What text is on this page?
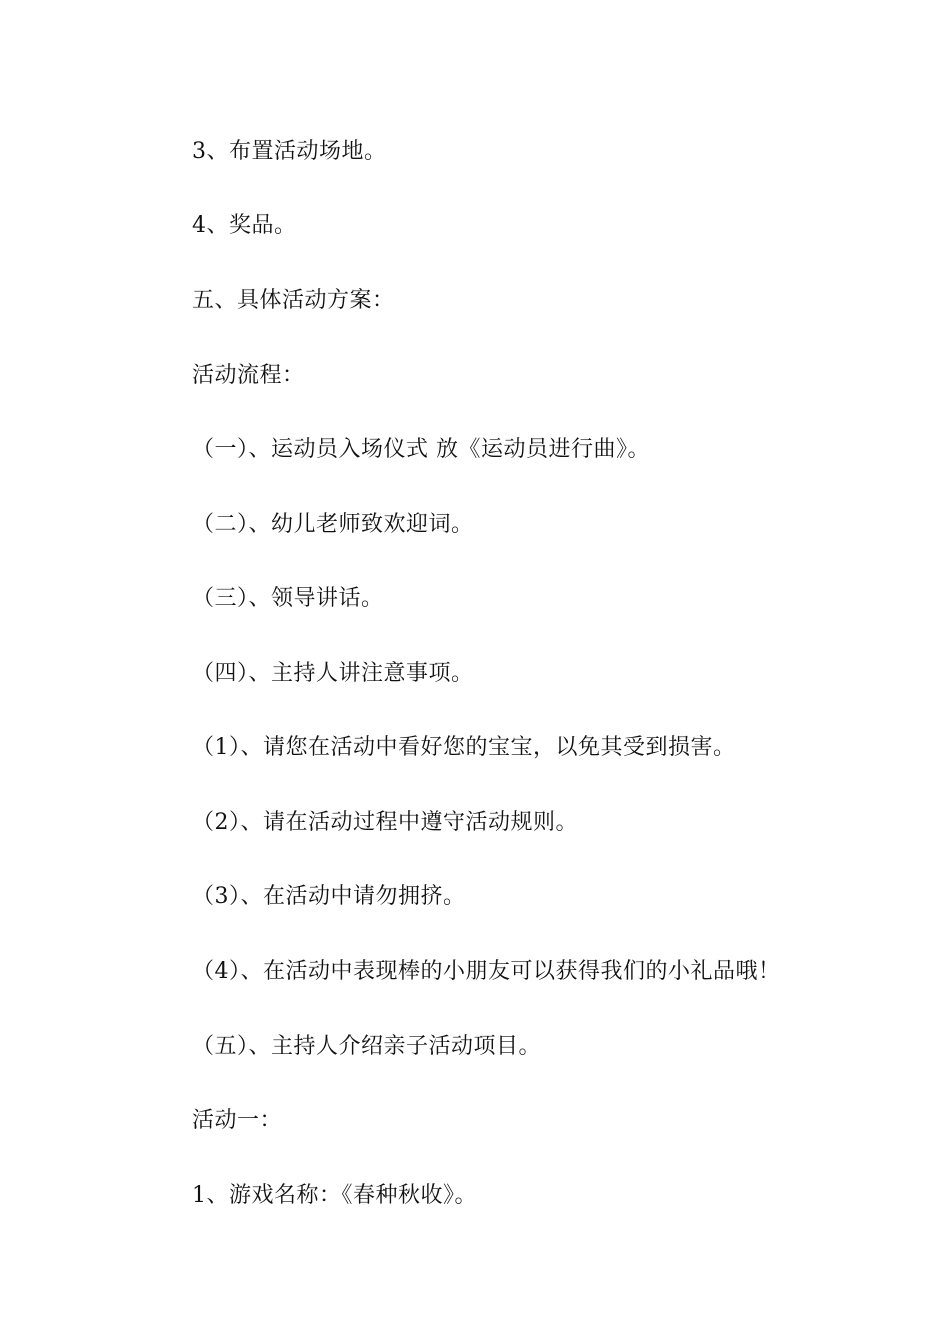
3、布置活动场地。
4、奖品。
五、具体活动方案：
活动流程：
（一）、运动员入场仪式 放《运动员进行曲》。
（二）、幼儿老师致欢迎词。
（三）、领导讲话。
（四）、主持人讲注意事项。
（1）、请您在活动中看好您的宝宝，以免其受到损害。
（2）、请在活动过程中遵守活动规则。
（3）、在活动中请勿拥挤。
（4）、在活动中表现棒的小朋友可以获得我们的小礼品哦！
（五）、主持人介绍亲子活动项目。
活动一：
1、游戏名称：《春种秋收》。
